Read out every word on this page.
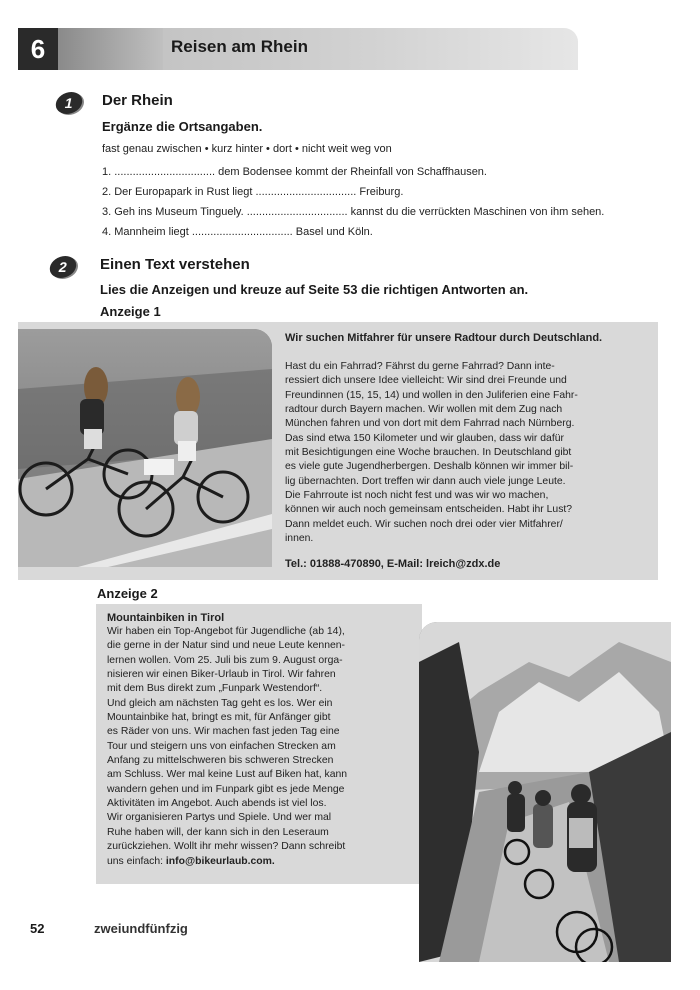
6	Reisen am Rhein
1	Der Rhein
Ergänze die Ortsangaben.
fast genau zwischen • kurz hinter • dort • nicht weit weg von
1. ................................. dem Bodensee kommt der Rheinfall von Schaffhausen.
2. Der Europapark in Rust liegt ................................. Freiburg.
3. Geh ins Museum Tinguely. ................................. kannst du die verrückten Maschinen von ihm sehen.
4. Mannheim liegt ................................. Basel und Köln.
2	Einen Text verstehen
Lies die Anzeigen und kreuze auf Seite 53 die richtigen Antworten an.
Anzeige 1
Wir suchen Mitfahrer für unsere Radtour durch Deutschland.
Hast du ein Fahrrad? Fährst du gerne Fahrrad? Dann inte-
ressiert dich unsere Idee vielleicht: Wir sind drei Freunde und
Freundinnen (15, 15, 14) und wollen in den Juliferien eine Fahr-
radtour durch Bayern machen. Wir wollen mit dem Zug nach
München fahren und von dort mit dem Fahrrad nach Nürnberg.
Das sind etwa 150 Kilometer und wir glauben, dass wir dafür
mit Besichtigungen eine Woche brauchen. In Deutschland gibt
es viele gute Jugendherbergen. Deshalb können wir immer bil-
lig übernachten. Dort treffen wir dann auch viele junge Leute.
Die Fahrroute ist noch nicht fest und was wir wo machen,
können wir auch noch gemeinsam entscheiden. Habt ihr Lust?
Dann meldet euch. Wir suchen noch drei oder vier Mitfahrer/
innen.
Tel.: 01888-470890, E-Mail: lreich@zdx.de
Anzeige 2
Mountainbiken in Tirol
Wir haben ein Top-Angebot für Jugendliche (ab 14),
die gerne in der Natur sind und neue Leute kennen-
lernen wollen. Vom 25. Juli bis zum 9. August orga-
nisieren wir einen Biker-Urlaub in Tirol. Wir fahren
mit dem Bus direkt zum „Funpark Westendorf“.
Und gleich am nächsten Tag geht es los. Wer ein
Mountainbike hat, bringt es mit, für Anfänger gibt
es Räder von uns. Wir machen fast jeden Tag eine
Tour und steigern uns von einfachen Strecken am
Anfang zu mittelschweren bis schweren Strecken
am Schluss. Wer mal keine Lust auf Biken hat, kann
wandern gehen und im Funpark gibt es jede Menge
Aktivitäten im Angebot. Auch abends ist viel los.
Wir organisieren Partys und Spiele. Und wer mal
Ruhe haben will, der kann sich in den Leseraum
zurückziehen. Wollt ihr mehr wissen? Dann schreibt
uns einfach: info@bikeurlaub.com.
52	zweiundfünfzig
